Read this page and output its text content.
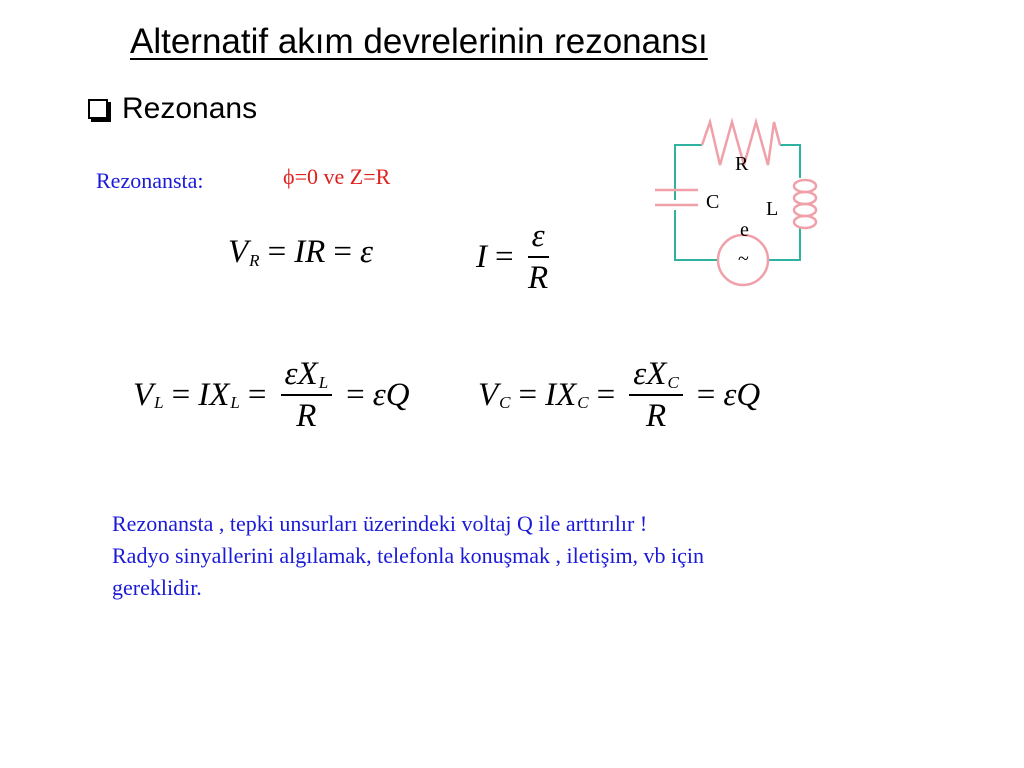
Alternatif akım devrelerinin rezonansı
Rezonans
Rezonansta:	ϕ=0 ve Z=R
V R = IR = ε	$I = \frac{\varepsilon}{R}$
V L = IX $L = \frac{\text{εXL}}{R} = \varepsilon Q$ V C = IX $C = \frac{\text{εXC}}{R} = \varepsilon Q$
R
C L
e
~

Rezonansta , tepki unsurları üzerindeki voltaj Q ile arttırılır !

Radyo sinyallerini algılamak, telefonla konuşmak , iletişim, vb için gereklidir.
